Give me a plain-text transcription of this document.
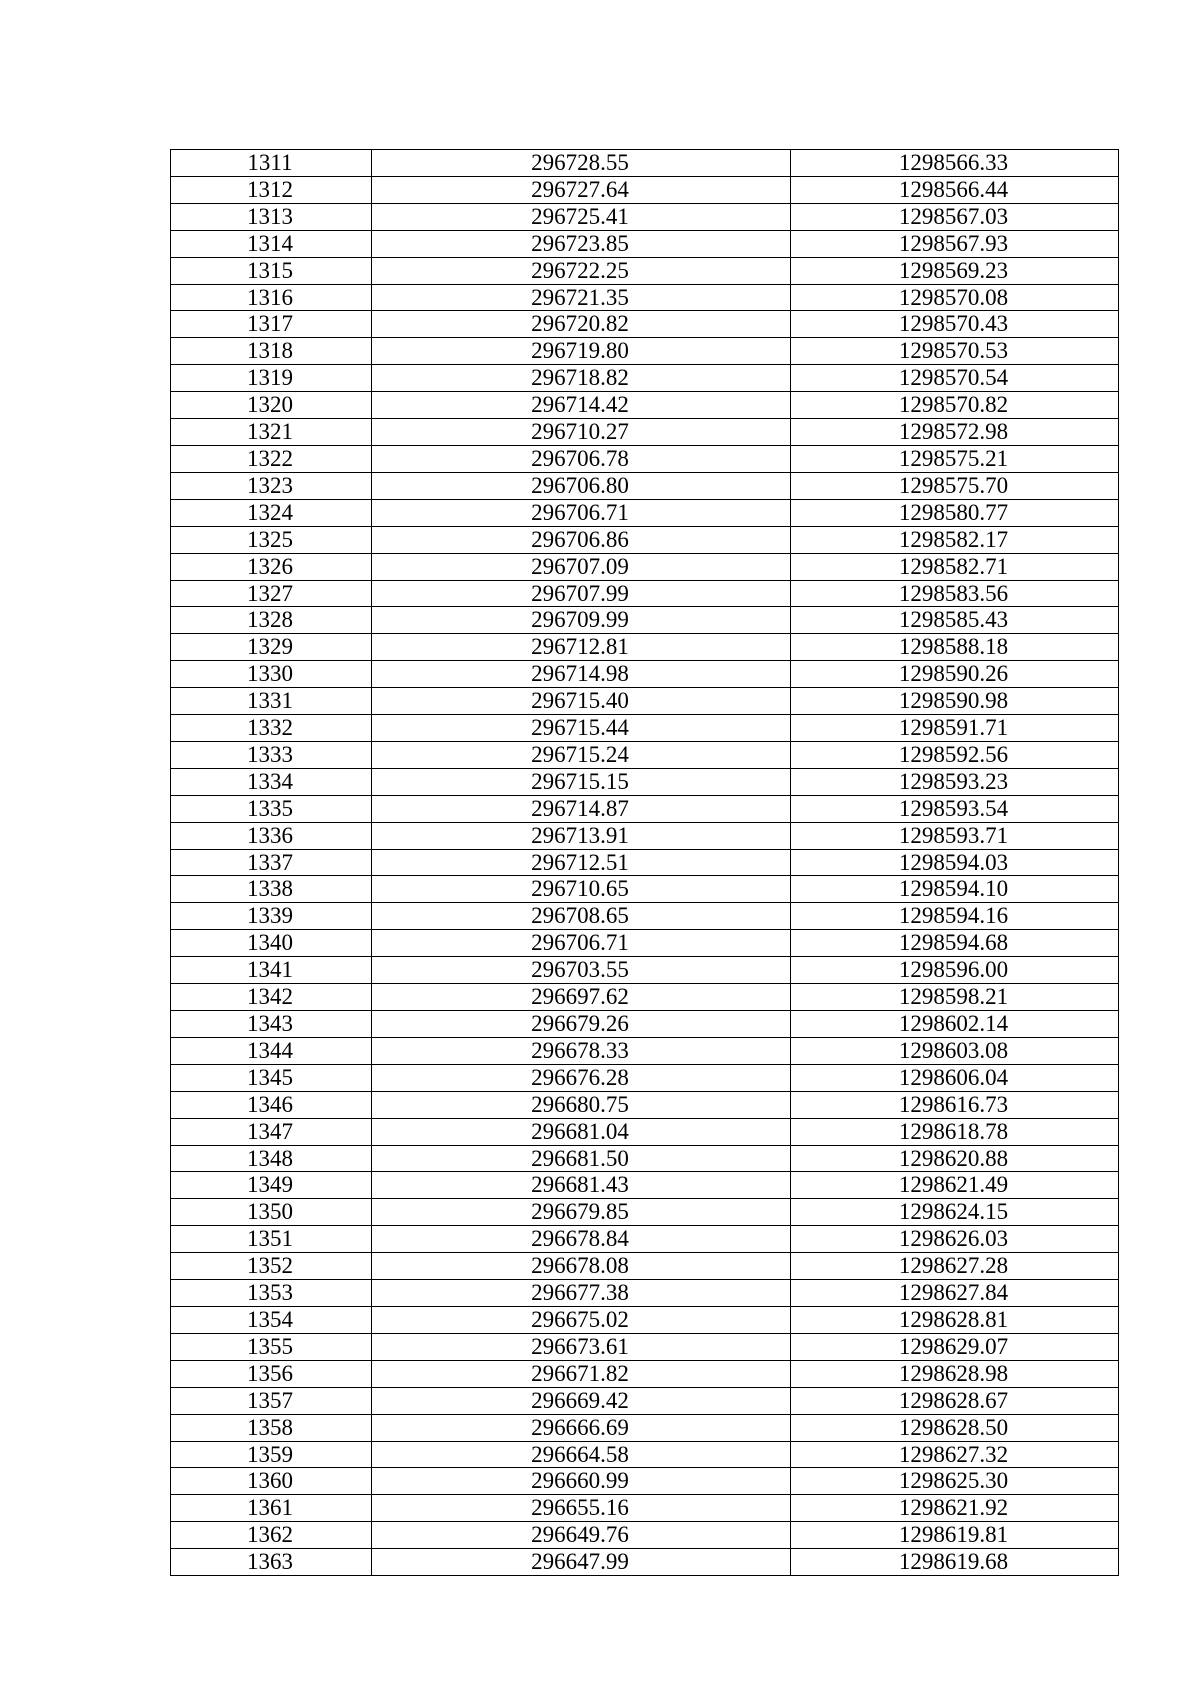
1311	296728.55	1298566.33
1312	296727.64	1298566.44
1313	296725.41	1298567.03
1314	296723.85	1298567.93
1315	296722.25	1298569.23
1316	296721.35	1298570.08
1317	296720.82	1298570.43
1318	296719.80	1298570.53
1319	296718.82	1298570.54
1320	296714.42	1298570.82
1321	296710.27	1298572.98
1322	296706.78	1298575.21
1323	296706.80	1298575.70
1324	296706.71	1298580.77
1325	296706.86	1298582.17
1326	296707.09	1298582.71
1327	296707.99	1298583.56
1328	296709.99	1298585.43
1329	296712.81	1298588.18
1330	296714.98	1298590.26
1331	296715.40	1298590.98
1332	296715.44	1298591.71
1333	296715.24	1298592.56
1334	296715.15	1298593.23
1335	296714.87	1298593.54
1336	296713.91	1298593.71
1337	296712.51	1298594.03
1338	296710.65	1298594.10
1339	296708.65	1298594.16
1340	296706.71	1298594.68
1341	296703.55	1298596.00
1342	296697.62	1298598.21
1343	296679.26	1298602.14
1344	296678.33	1298603.08
1345	296676.28	1298606.04
1346	296680.75	1298616.73
1347	296681.04	1298618.78
1348	296681.50	1298620.88
1349	296681.43	1298621.49
1350	296679.85	1298624.15
1351	296678.84	1298626.03
1352	296678.08	1298627.28
1353	296677.38	1298627.84
1354	296675.02	1298628.81
1355	296673.61	1298629.07
1356	296671.82	1298628.98
1357	296669.42	1298628.67
1358	296666.69	1298628.50
1359	296664.58	1298627.32
1360	296660.99	1298625.30
1361	296655.16	1298621.92
1362	296649.76	1298619.81
1363	296647.99	1298619.68
